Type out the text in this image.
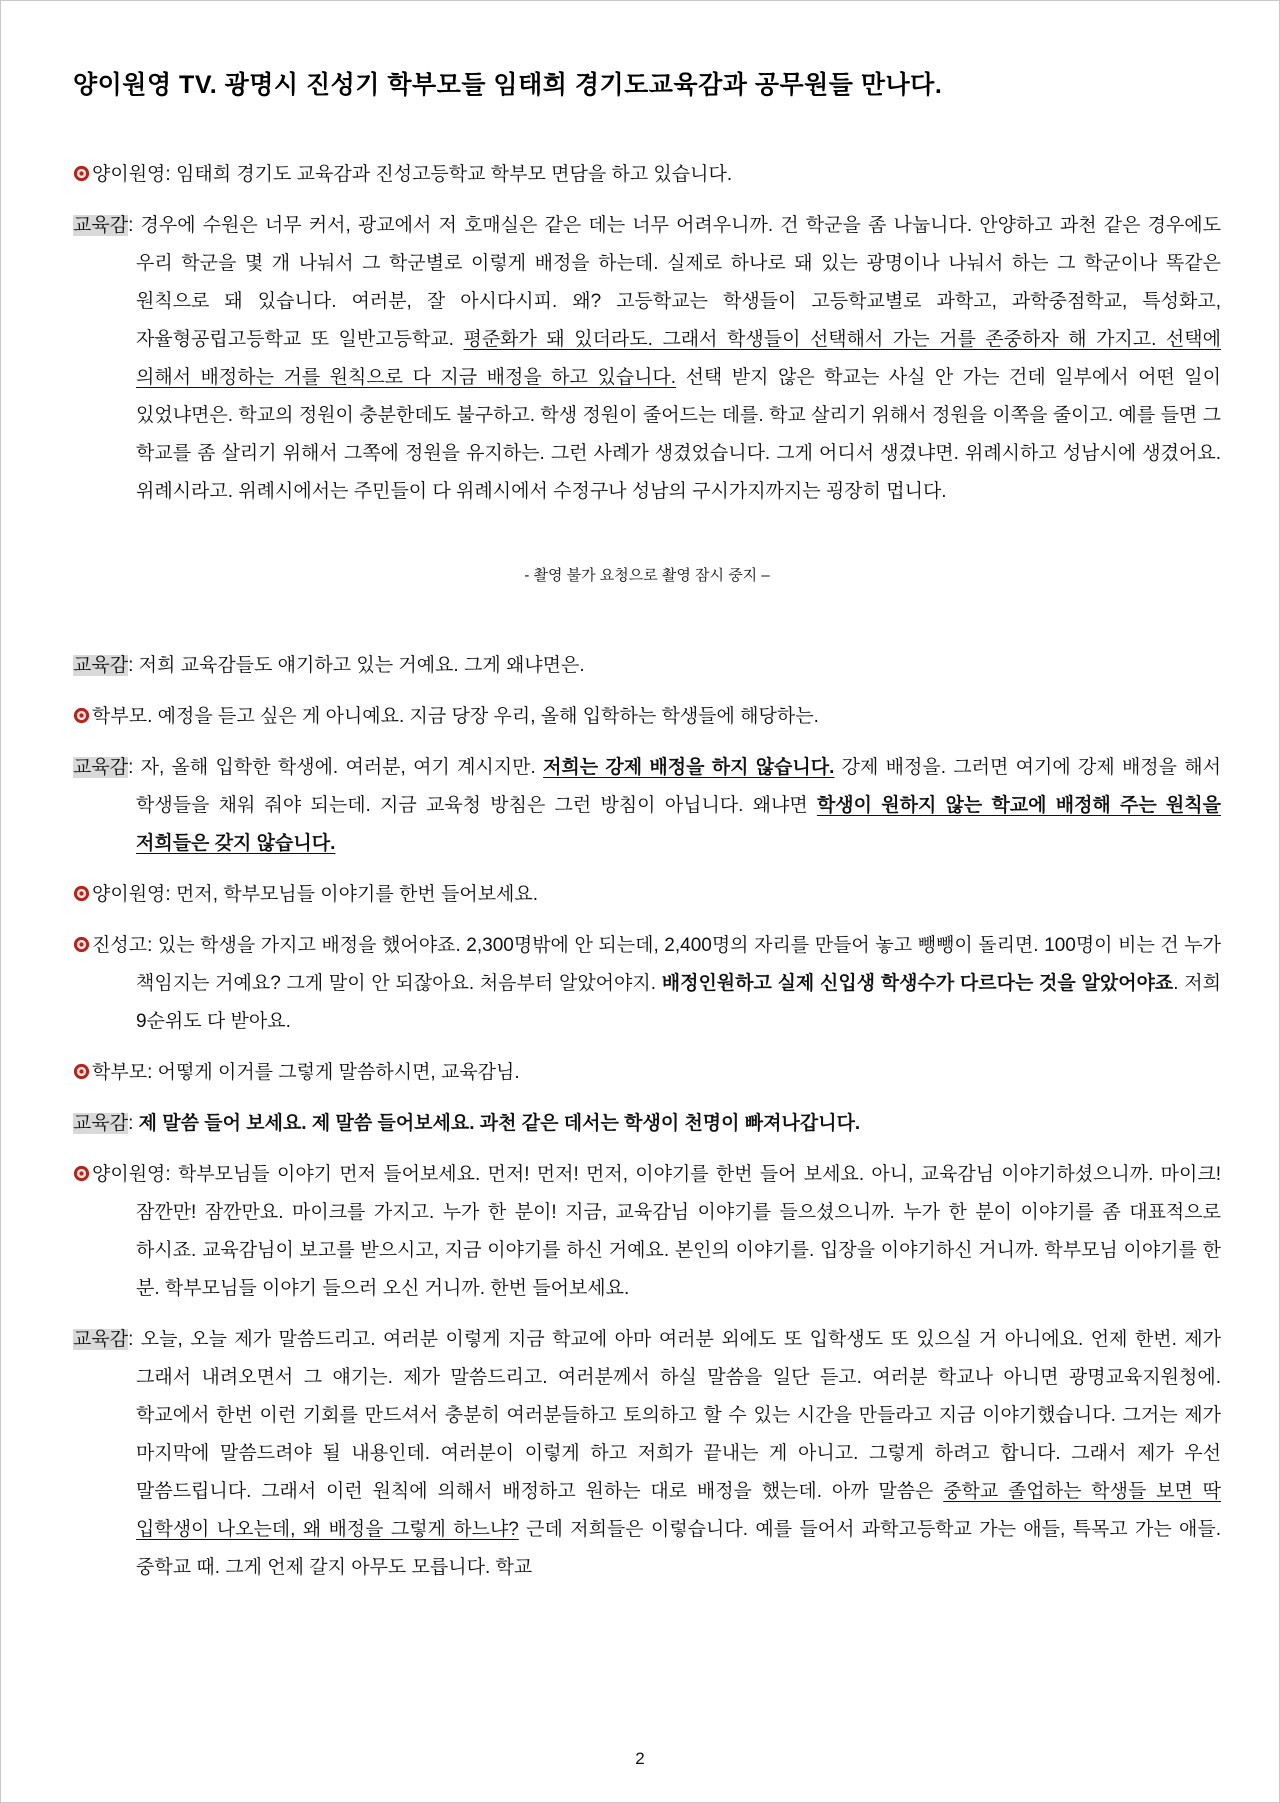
양이원영 TV. 광명시 진성기 학부모들 임태희 경기도교육감과 공무원들 만나다.
양이원영: 임태희 경기도 교육감과 진성고등학교 학부모 면담을 하고 있습니다.
교육감: 경우에 수원은 너무 커서, 광교에서 저 호매실은 같은 데는 너무 어려우니까. 건 학군을 좀 나눕니다. 안양하고 과천 같은 경우에도 우리 학군을 몇 개 나눠서 그 학군별로 이렇게 배정을 하는데. 실제로 하나로 돼 있는 광명이나 나눠서 하는 그 학군이나 똑같은 원칙으로 돼 있습니다. 여러분, 잘 아시다시피. 왜? 고등학교는 학생들이 고등학교별로 과학고, 과학중점학교, 특성화고, 자율형공립고등학교 또 일반고등학교. 평준화가 돼 있더라도. 그래서 학생들이 선택해서 가는 거를 존중하자 해 가지고. 선택에 의해서 배정하는 거를 원칙으로 다 지금 배정을 하고 있습니다. 선택 받지 않은 학교는 사실 안 가는 건데 일부에서 어떤 일이 있었냐면은. 학교의 정원이 충분한데도 불구하고. 학생 정원이 줄어드는 데를. 학교 살리기 위해서 정원을 이쪽을 줄이고. 예를 들면 그 학교를 좀 살리기 위해서 그쪽에 정원을 유지하는. 그런 사례가 생겼었습니다. 그게 어디서 생겼냐면. 위례시하고 성남시에 생겼어요. 위례시라고. 위례시에서는 주민들이 다 위례시에서 수정구나 성남의 구시가지까지는 굉장히 멉니다.
- 촬영 불가 요청으로 촬영 잠시 중지 –
교육감: 저희 교육감들도 얘기하고 있는 거예요. 그게 왜냐면은.
학부모. 예정을 듣고 싶은 게 아니예요. 지금 당장 우리, 올해 입학하는 학생들에 해당하는.
교육감: 자, 올해 입학한 학생에. 여러분, 여기 계시지만. 저희는 강제 배정을 하지 않습니다. 강제 배정을. 그러면 여기에 강제 배정을 해서 학생들을 채워 줘야 되는데. 지금 교육청 방침은 그런 방침이 아닙니다. 왜냐면 학생이 원하지 않는 학교에 배정해 주는 원칙을 저희들은 갖지 않습니다.
양이원영: 먼저, 학부모님들 이야기를 한번 들어보세요.
진성고: 있는 학생을 가지고 배정을 했어야죠. 2,300명밖에 안 되는데, 2,400명의 자리를 만들어 놓고 뺑뺑이 돌리면. 100명이 비는 건 누가 책임지는 거예요? 그게 말이 안 되잖아요. 처음부터 알았어야지. 배정인원하고 실제 신입생 학생수가 다르다는 것을 알았어야죠. 저희 9순위도 다 받아요.
학부모: 어떻게 이거를 그렇게 말씀하시면, 교육감님.
교육감: 제 말씀 들어 보세요. 제 말씀 들어보세요. 과천 같은 데서는 학생이 천명이 빠져나갑니다.
양이원영: 학부모님들 이야기 먼저 들어보세요. 먼저! 먼저! 먼저, 이야기를 한번 들어 보세요. 아니, 교육감님 이야기하셨으니까. 마이크! 잠깐만! 잠깐만요. 마이크를 가지고. 누가 한 분이! 지금, 교육감님 이야기를 들으셨으니까. 누가 한 분이 이야기를 좀 대표적으로 하시죠. 교육감님이 보고를 받으시고, 지금 이야기를 하신 거예요. 본인의 이야기를. 입장을 이야기하신 거니까. 학부모님 이야기를 한 분. 학부모님들 이야기 들으러 오신 거니까. 한번 들어보세요.
교육감: 오늘, 오늘 제가 말씀드리고. 여러분 이렇게 지금 학교에 아마 여러분 외에도 또 입학생도 또 있으실 거 아니에요. 언제 한번. 제가 그래서 내려오면서 그 얘기는. 제가 말씀드리고. 여러분께서 하실 말씀을 일단 듣고. 여러분 학교나 아니면 광명교육지원청에. 학교에서 한번 이런 기회를 만드셔서 충분히 여러분들하고 토의하고 할 수 있는 시간을 만들라고 지금 이야기했습니다. 그거는 제가 마지막에 말씀드려야 될 내용인데. 여러분이 이렇게 하고 저희가 끝내는 게 아니고. 그렇게 하려고 합니다. 그래서 제가 우선 말씀드립니다. 그래서 이런 원칙에 의해서 배정하고 원하는 대로 배정을 했는데. 아까 말씀은 중학교 졸업하는 학생들 보면 딱 입학생이 나오는데, 왜 배정을 그렇게 하느냐? 근데 저희들은 이렇습니다. 예를 들어서 과학고등학교 가는 애들, 특목고 가는 애들. 중학교 때. 그게 언제 갈지 아무도 모릅니다. 학교
2
